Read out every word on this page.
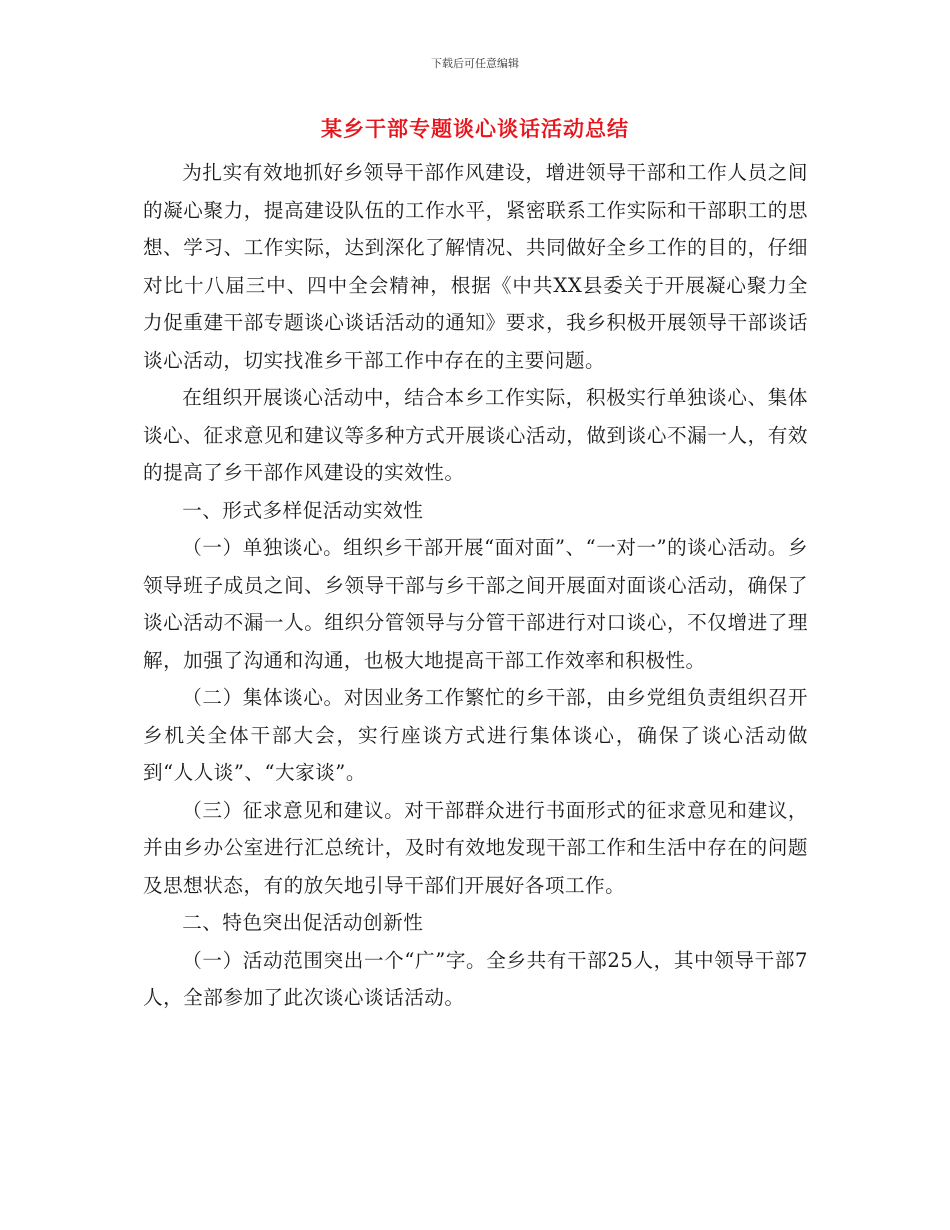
下载后可任意编辑
某乡干部专题谈心谈话活动总结

为扎实有效地抓好乡领导干部作风建设，增进领导干部和工作人员之间的凝心聚力，提高建设队伍的工作水平，紧密联系工作实际和干部职工的思想、学习、工作实际，达到深化了解情况、共同做好全乡工作的目的，仔细对比十八届三中、四中全会精神，根据《中共XX县委关于开展凝心聚力全力促重建干部专题谈心谈话活动的通知》要求，我乡积极开展领导干部谈话谈心活动，切实找准乡干部工作中存在的主要问题。

在组织开展谈心活动中，结合本乡工作实际，积极实行单独谈心、集体谈心、征求意见和建议等多种方式开展谈心活动，做到谈心不漏一人，有效的提高了乡干部作风建设的实效性。

一、形式多样促活动实效性

（一）单独谈心。组织乡干部开展“面对面”、“一对一”的谈心活动。乡领导班子成员之间、乡领导干部与乡干部之间开展面对面谈心活动，确保了谈心活动不漏一人。组织分管领导与分管干部进行对口谈心，不仅增进了理解，加强了沟通和沟通，也极大地提高干部工作效率和积极性。

（二）集体谈心。对因业务工作繁忙的乡干部，由乡党组负责组织召开乡机关全体干部大会，实行座谈方式进行集体谈心，确保了谈心活动做到“人人谈”、“大家谈”。

（三）征求意见和建议。对干部群众进行书面形式的征求意见和建议，并由乡办公室进行汇总统计，及时有效地发现干部工作和生活中存在的问题及思想状态，有的放矢地引导干部们开展好各项工作。

二、特色突出促活动创新性

（一）活动范围突出一个“广”字。全乡共有干部25人，其中领导干部7人，全部参加了此次谈心谈话活动。
